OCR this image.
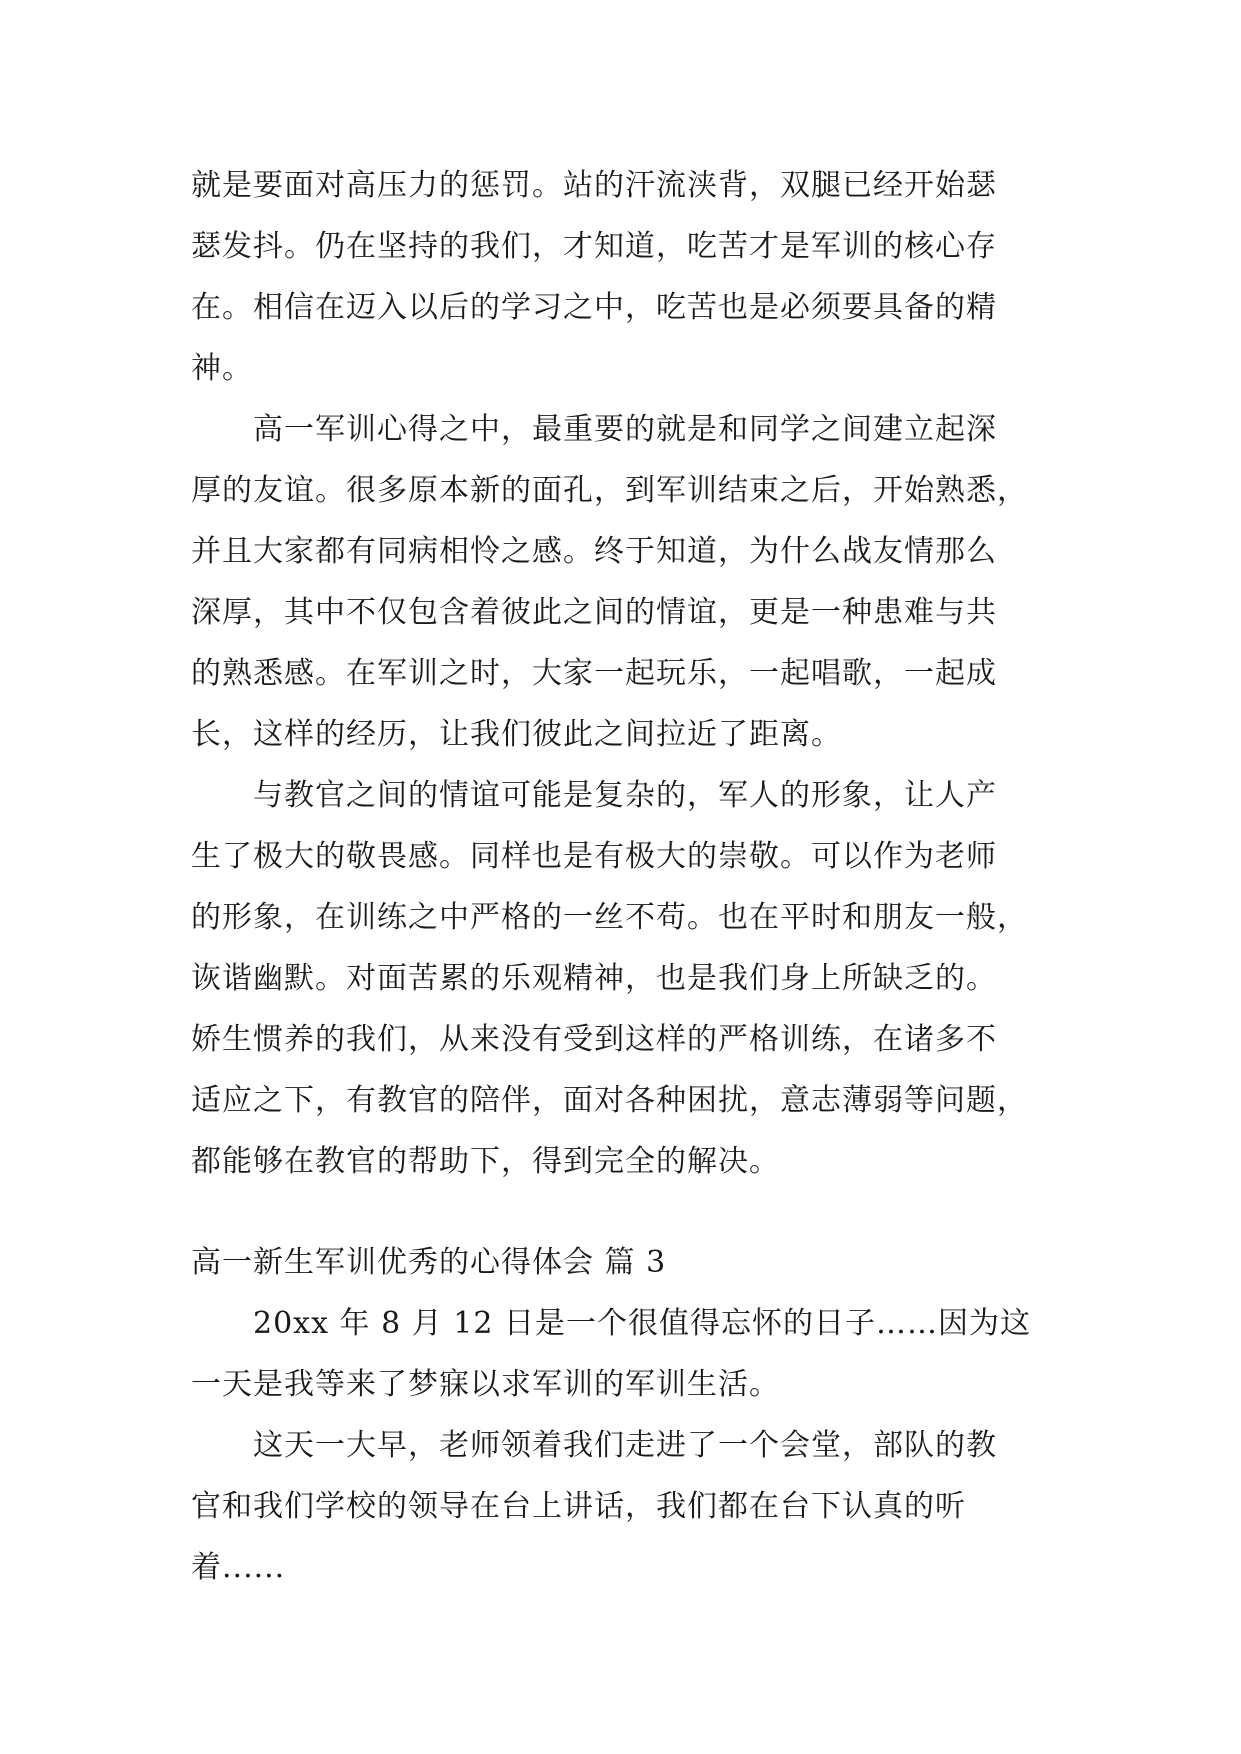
就是要面对高压力的惩罚。站的汗流浃背，双腿已经开始瑟
瑟发抖。仍在坚持的我们，才知道，吃苦才是军训的核心存
在。相信在迈入以后的学习之中，吃苦也是必须要具备的精
神。
高一军训心得之中，最重要的就是和同学之间建立起深
厚的友谊。很多原本新的面孔，到军训结束之后，开始熟悉，
并且大家都有同病相怜之感。终于知道，为什么战友情那么
深厚，其中不仅包含着彼此之间的情谊，更是一种患难与共
的熟悉感。在军训之时，大家一起玩乐，一起唱歌，一起成
长，这样的经历，让我们彼此之间拉近了距离。
与教官之间的情谊可能是复杂的，军人的形象，让人产
生了极大的敬畏感。同样也是有极大的崇敬。可以作为老师
的形象，在训练之中严格的一丝不苟。也在平时和朋友一般，
诙谐幽默。对面苦累的乐观精神，也是我们身上所缺乏的。
娇生惯养的我们，从来没有受到这样的严格训练，在诸多不
适应之下，有教官的陪伴，面对各种困扰，意志薄弱等问题，
都能够在教官的帮助下，得到完全的解决。
高一新生军训优秀的心得体会 篇 3
20xx 年 8 月 12 日是一个很值得忘怀的日子……因为这
一天是我等来了梦寐以求军训的军训生活。
这天一大早，老师领着我们走进了一个会堂，部队的教
官和我们学校的领导在台上讲话，我们都在台下认真的听
着......
